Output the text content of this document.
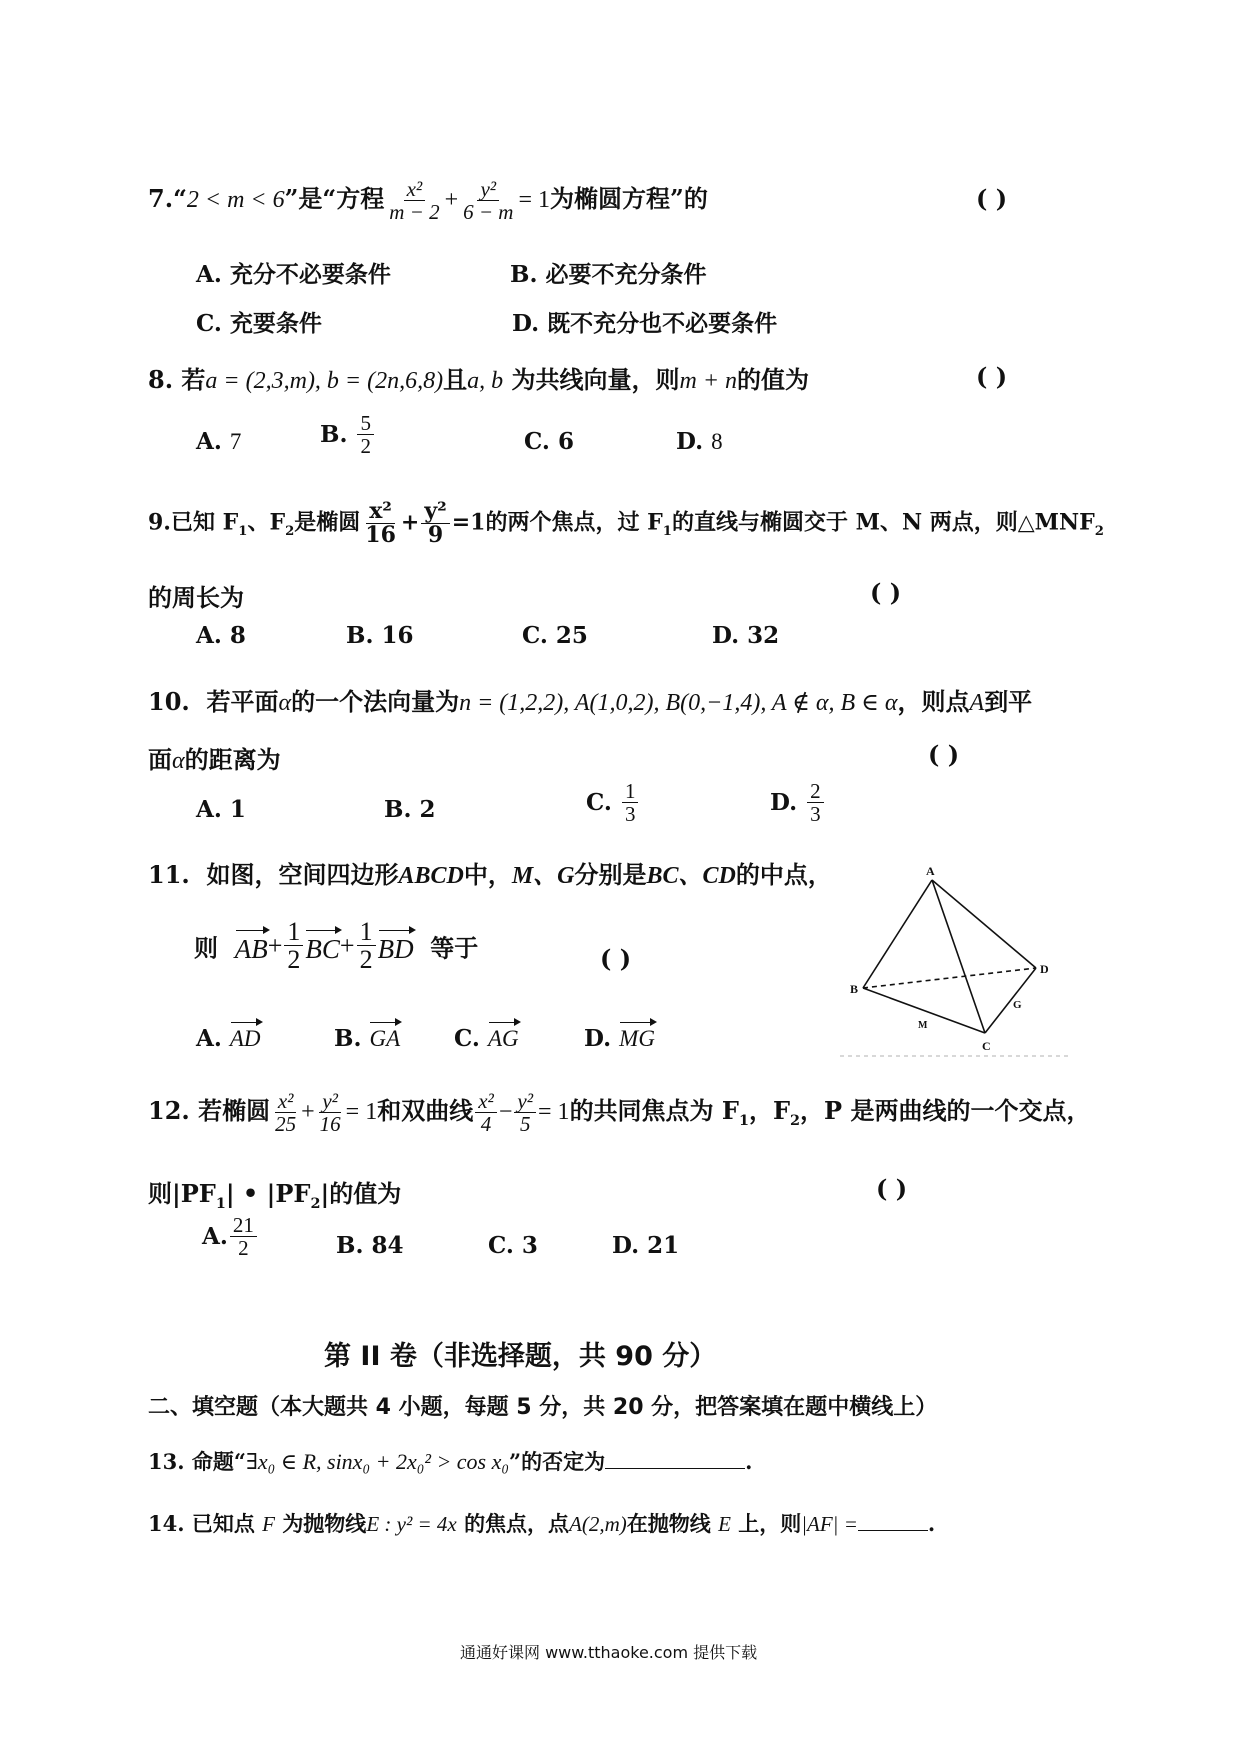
7.“2 < m < 6”是“方程 $\frac{\text{x²}}{m - 2} + \frac{\text{y²}}{6 - m} = 1$为椭圆方程”的	( )
A. 充分不必要条件	B. 必要不充分条件
C. 充要条件	D. 既不充分也不必要条件
8. 若a = (2,3,m), b = (2n,6,8)且a, b 为共线向量，则m + n的值为	( )
A. 7	B. $\frac{5}{2}$	C. 6	D. 8
9.已知 $F_1$、$F_2$是椭圆 $\frac{\text{x²}}{16} + \frac{\text{y²}}{9} =1$的两个焦点，过 $F_1$的直线与椭圆交于 M、N 两点，则$\triangle MNF_2$
的周长为	( )
A. 8	B. 16	C. 25	D. 32
10. 若平面α的一个法向量为n = (1,2,2), A(1,0,2), B(0,−1,4), A ∉ α, B ∈ α，则点A到平
面α的距离为	( )
A. 1	B. 2	C. $\frac{1}{3}$	D. $\frac{2}{3}$
11. 如图，空间四边形ABCD中，M、G分别是BC、CD的中点，
则 $AB+ \frac{1}{2} BC+ \frac{1}{2}$ BD 等于	( )
A. AD	B. GA C. AG	D. MG
A
B
C
D
M
G
12. 若椭圆 $\frac{\text{x²}}{25} + \frac{\text{y²}}{16} = 1$和双曲线 $\frac{\text{x²}}{4} - \frac{\text{y²}}{5} = 1$的共同焦点为 $F_1$，$F_2$，P 是两曲线的一个交点，
则$|PF_1|$ • $|PF_2|$的值为	( )
A. $\frac{21}{2}$	B. 84	C. 3	D. 21
第 II 卷（非选择题，共 90 分）
二、填空题（本大题共 4 小题，每题 5 分，共 20 分，把答案填在题中横线上）
13. 命题“∃x₀ ∈ R, sinx₀ + 2x₀² > cos x₀”的否定为	.
14. 已知点 F 为抛物线E : y² = 4x 的焦点，点A(2,m)在抛物线 E 上，则|AF| =	.
通通好课网 www.tthaoke.com 提供下载
